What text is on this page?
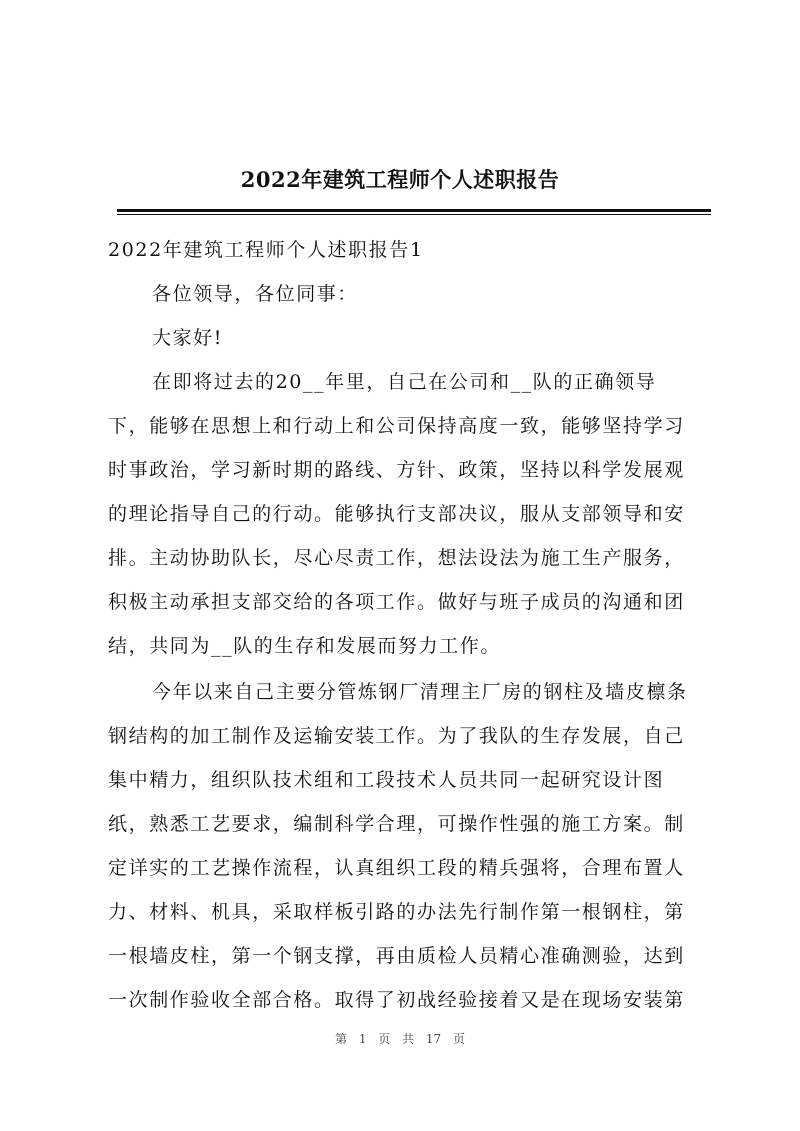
2022年建筑工程师个人述职报告
2022年建筑工程师个人述职报告1
各位领导，各位同事：
大家好!
在即将过去的20__年里，自己在公司和__队的正确领导
下，能够在思想上和行动上和公司保持高度一致，能够坚持学习
时事政治，学习新时期的路线、方针、政策，坚持以科学发展观
的理论指导自己的行动。能够执行支部决议，服从支部领导和安
排。主动协助队长，尽心尽责工作，想法设法为施工生产服务，
积极主动承担支部交给的各项工作。做好与班子成员的沟通和团
结，共同为__队的生存和发展而努力工作。
今年以来自己主要分管炼钢厂清理主厂房的钢柱及墙皮檩条
钢结构的加工制作及运输安装工作。为了我队的生存发展，自己
集中精力，组织队技术组和工段技术人员共同一起研究设计图
纸，熟悉工艺要求，编制科学合理，可操作性强的施工方案。制
定详实的工艺操作流程，认真组织工段的精兵强将，合理布置人
力、材料、机具，采取样板引路的办法先行制作第一根钢柱，第
一根墙皮柱，第一个钢支撑，再由质检人员精心准确测验，达到
一次制作验收全部合格。取得了初战经验接着又是在现场安装第
第 1 页 共 17 页
